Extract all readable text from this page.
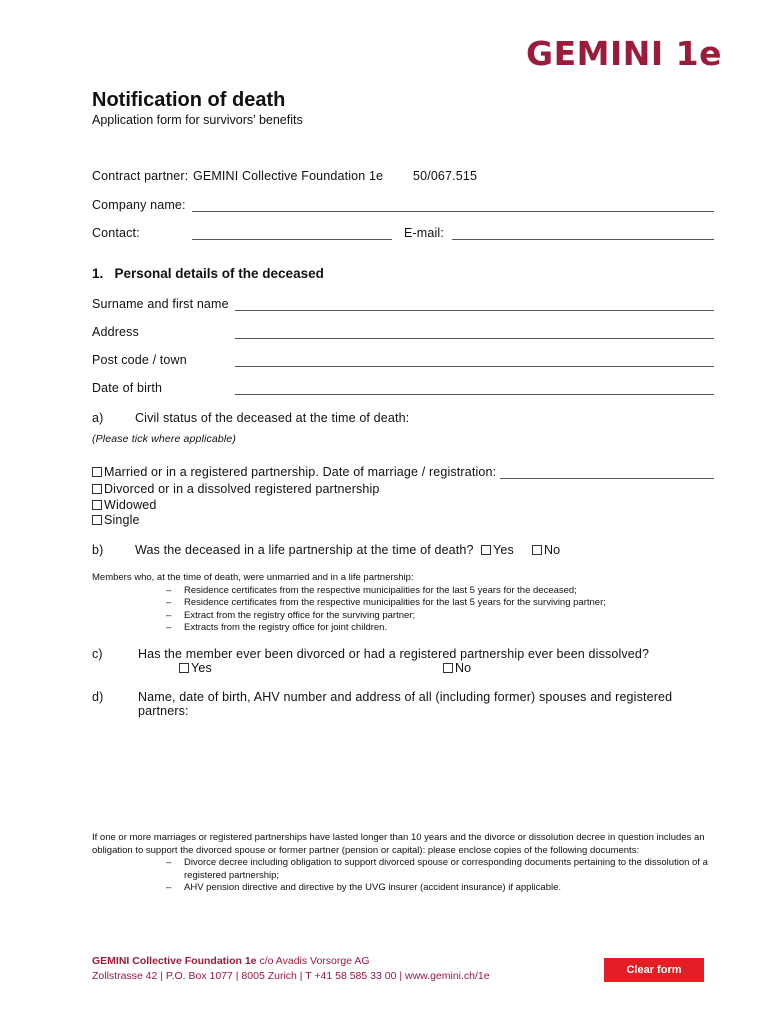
GEMINI 1e
Notification of death
Application form for survivors’ benefits
Contract partner: GEMINI Collective Foundation 1e 50/067.515
Company name:
Contact:	E-mail:
1.   Personal details of the deceased
Surname and first name
Address
Post code / town
Date of birth
a)	Civil status of the deceased at the time of death:
(Please tick where applicable)
Married or in a registered partnership. Date of marriage / registration:
Divorced or in a dissolved registered partnership
Widowed
Single
b)	Was the deceased in a life partnership at the time of death?	Yes	No
Members who, at the time of death, were unmarried and in a life partnership:
– Residence certificates from the respective municipalities for the last 5 years for the deceased;
– Residence certificates from the respective municipalities for the last 5 years for the surviving partner;
– Extract from the registry office for the surviving partner;
– Extracts from the registry office for joint children.
c)	Has the member ever been divorced or had a registered partnership ever been dissolved?
Yes	No
d)	Name, date of birth, AHV number and address of all (including former) spouses and registered
partners:
If one or more marriages or registered partnerships have lasted longer than 10 years and the divorce or dissolution decree in question includes an obligation to support the divorced spouse or former partner (pension or capital): please enclose copies of the following documents:
– Divorce decree including obligation to support divorced spouse or corresponding documents pertaining to the dissolution of a registered partnership;
– AHV pension directive and directive by the UVG insurer (accident insurance) if applicable.
GEMINI Collective Foundation 1e c/o Avadis Vorsorge AG
Zollstrasse 42 | P.O. Box 1077 | 8005 Zurich | T +41 58 585 33 00 | www.gemini.ch/1e	Clear form
